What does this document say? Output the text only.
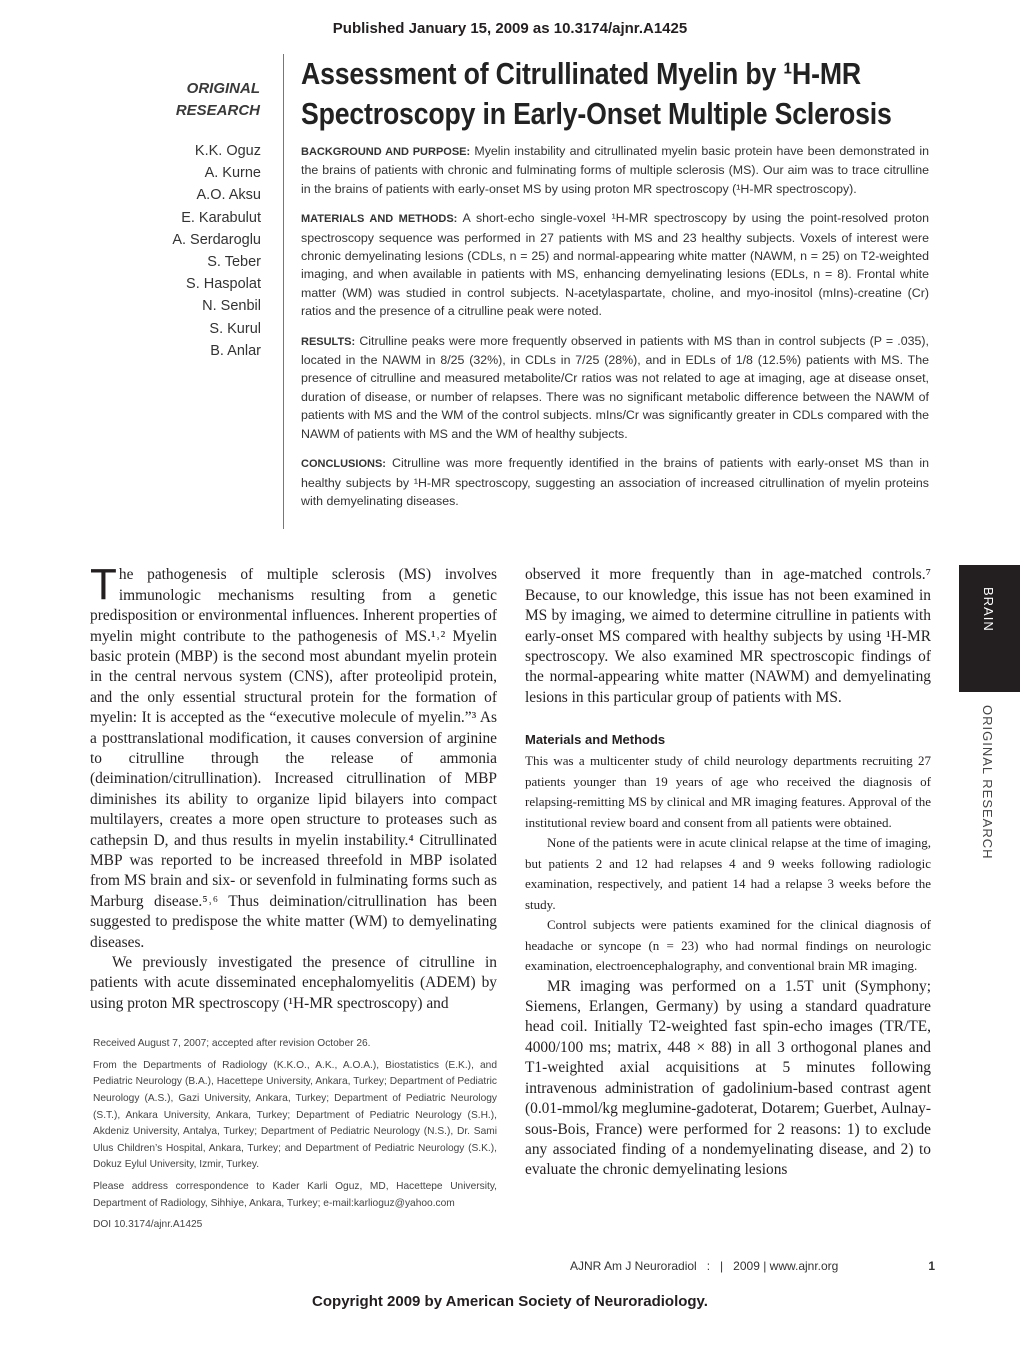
Published January 15, 2009 as 10.3174/ajnr.A1425
ORIGINAL
RESEARCH
K.K. Oguz
A. Kurne
A.O. Aksu
E. Karabulut
A. Serdaroglu
S. Teber
S. Haspolat
N. Senbil
S. Kurul
B. Anlar
Assessment of Citrullinated Myelin by ¹H-MR Spectroscopy in Early-Onset Multiple Sclerosis

BACKGROUND AND PURPOSE: Myelin instability and citrullinated myelin basic protein have been demonstrated in the brains of patients with chronic and fulminating forms of multiple sclerosis (MS). Our aim was to trace citrulline in the brains of patients with early-onset MS by using proton MR spectroscopy (¹H-MR spectroscopy).

MATERIALS AND METHODS: A short-echo single-voxel ¹H-MR spectroscopy by using the point-resolved proton spectroscopy sequence was performed in 27 patients with MS and 23 healthy subjects. Voxels of interest were chronic demyelinating lesions (CDLs, n = 25) and normal-appearing white matter (NAWM, n = 25) on T2-weighted imaging, and when available in patients with MS, enhancing demyelinating lesions (EDLs, n = 8). Frontal white matter (WM) was studied in control subjects. N-acetylaspartate, choline, and myo-inositol (mIns)-creatine (Cr) ratios and the presence of a citrulline peak were noted.

RESULTS: Citrulline peaks were more frequently observed in patients with MS than in control subjects (P = .035), located in the NAWM in 8/25 (32%), in CDLs in 7/25 (28%), and in EDLs of 1/8 (12.5%) patients with MS. The presence of citrulline and measured metabolite/Cr ratios was not related to age at imaging, age at disease onset, duration of disease, or number of relapses. There was no significant metabolic difference between the NAWM of patients with MS and the WM of the control subjects. mIns/Cr was significantly greater in CDLs compared with the NAWM of patients with MS and the WM of healthy subjects.

CONCLUSIONS: Citrulline was more frequently identified in the brains of patients with early-onset MS than in healthy subjects by ¹H-MR spectroscopy, suggesting an association of increased citrullination of myelin proteins with demyelinating diseases.

The pathogenesis of multiple sclerosis (MS) involves immunologic mechanisms resulting from a genetic predisposition or environmental influences. Inherent properties of myelin might contribute to the pathogenesis of MS.¹˒² Myelin basic protein (MBP) is the second most abundant myelin protein in the central nervous system (CNS), after proteolipid protein, and the only essential structural protein for the formation of myelin: It is accepted as the “executive molecule of myelin.”³ As a posttranslational modification, it causes conversion of arginine to citrulline through the release of ammonia (deimination/citrullination). Increased citrullination of MBP diminishes its ability to organize lipid bilayers into compact multilayers, creates a more open structure to proteases such as cathepsin D, and thus results in myelin instability.⁴ Citrullinated MBP was reported to be increased threefold in MBP isolated from MS brain and six- or sevenfold in fulminating forms such as Marburg disease.⁵˒⁶ Thus deimination/citrullination has been suggested to predispose the white matter (WM) to demyelinating diseases.

We previously investigated the presence of citrulline in patients with acute disseminated encephalomyelitis (ADEM) by using proton MR spectroscopy (¹H-MR spectroscopy) and

Received August 7, 2007; accepted after revision October 26.

From the Departments of Radiology (K.K.O., A.K., A.O.A.), Biostatistics (E.K.), and Pediatric Neurology (B.A.), Hacettepe University, Ankara, Turkey; Department of Pediatric Neurology (A.S.), Gazi University, Ankara, Turkey; Department of Pediatric Neurology (S.T.), Ankara University, Ankara, Turkey; Department of Pediatric Neurology (S.H.), Akdeniz University, Antalya, Turkey; Department of Pediatric Neurology (N.S.), Dr. Sami Ulus Children’s Hospital, Ankara, Turkey; and Department of Pediatric Neurology (S.K.), Dokuz Eylul University, Izmir, Turkey.

Please address correspondence to Kader Karli Oguz, MD, Hacettepe University, Department of Radiology, Sihhiye, Ankara, Turkey; e-mail:karlioguz@yahoo.com

DOI 10.3174/ajnr.A1425

observed it more frequently than in age-matched controls.⁷ Because, to our knowledge, this issue has not been examined in MS by imaging, we aimed to determine citrulline in patients with early-onset MS compared with healthy subjects by using ¹H-MR spectroscopy. We also examined MR spectroscopic findings of the normal-appearing white matter (NAWM) and demyelinating lesions in this particular group of patients with MS.

Materials and Methods

This was a multicenter study of child neurology departments recruiting 27 patients younger than 19 years of age who received the diagnosis of relapsing-remitting MS by clinical and MR imaging features. Approval of the institutional review board and consent from all patients were obtained.

None of the patients were in acute clinical relapse at the time of imaging, but patients 2 and 12 had relapses 4 and 9 weeks following radiologic examination, respectively, and patient 14 had a relapse 3 weeks before the study.

Control subjects were patients examined for the clinical diagnosis of headache or syncope (n = 23) who had normal findings on neurologic examination, electroencephalography, and conventional brain MR imaging.

MR imaging was performed on a 1.5T unit (Symphony; Siemens, Erlangen, Germany) by using a standard quadrature head coil. Initially T2-weighted fast spin-echo images (TR/TE, 4000/100 ms; matrix, 448 × 88) in all 3 orthogonal planes and T1-weighted axial acquisitions at 5 minutes following intravenous administration of gadolinium-based contrast agent (0.01-mmol/kg meglumine-gadoterat, Dotarem; Guerbet, Aulnay-sous-Bois, France) were performed for 2 reasons: 1) to exclude any associated finding of a nondemyelinating disease, and 2) to evaluate the chronic demyelinating lesions

AJNR Am J Neuroradiol   :   |   2009 | www.ajnr.org	1
BRAIN
ORIGINAL RESEARCH
Copyright 2009 by American Society of Neuroradiology.
